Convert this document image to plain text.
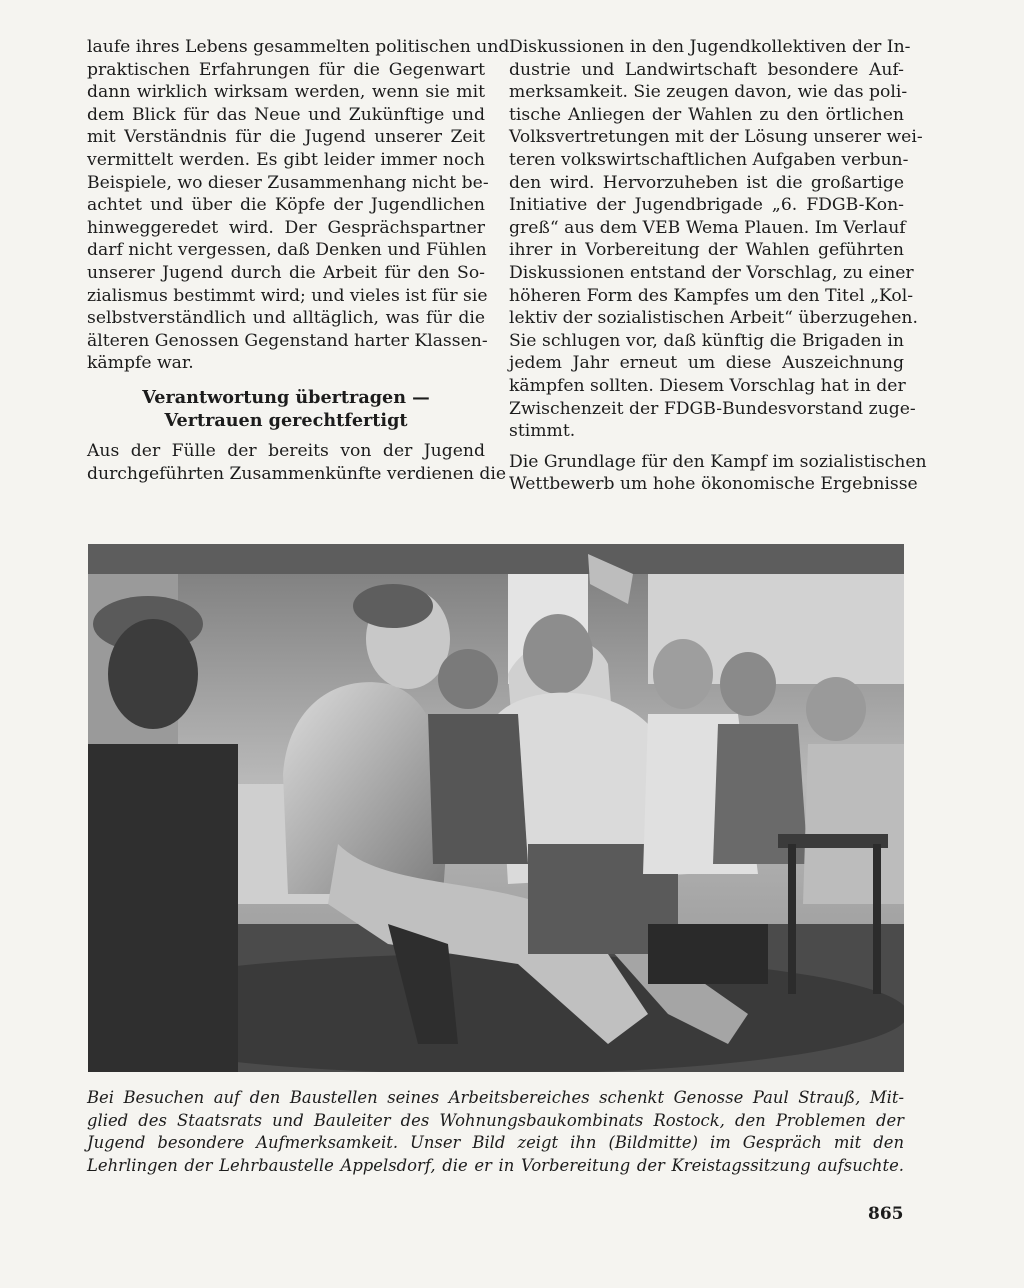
laufe ihres Lebens gesammelten politischen und
praktischen Erfahrungen für die Gegenwart
dann wirklich wirksam werden, wenn sie mit
dem Blick für das Neue und Zukünftige und
mit Verständnis für die Jugend unserer Zeit
vermittelt werden. Es gibt leider immer noch
Beispiele, wo dieser Zusammenhang nicht be-
achtet und über die Köpfe der Jugendlichen
hinweggeredet wird. Der Gesprächspartner
darf nicht vergessen, daß Denken und Fühlen
unserer Jugend durch die Arbeit für den So-
zialismus bestimmt wird; und vieles ist für sie
selbstverständlich und alltäglich, was für die
älteren Genossen Gegenstand harter Klassen-
kämpfe war.
Verantwortung übertragen —
Vertrauen gerechtfertigt
Aus der Fülle der bereits von der Jugend
durchgeführten Zusammenkünfte verdienen die
Diskussionen in den Jugendkollektiven der In-
dustrie und Landwirtschaft besondere Auf-
merksamkeit. Sie zeugen davon, wie das poli-
tische Anliegen der Wahlen zu den örtlichen
Volksvertretungen mit der Lösung unserer wei-
teren volkswirtschaftlichen Aufgaben verbun-
den wird. Hervorzuheben ist die großartige
Initiative der Jugendbrigade „6. FDGB-Kon-
greß“ aus dem VEB Wema Plauen. Im Verlauf
ihrer in Vorbereitung der Wahlen geführten
Diskussionen entstand der Vorschlag, zu einer
höheren Form des Kampfes um den Titel „Kol-
lektiv der sozialistischen Arbeit“ überzugehen.
Sie schlugen vor, daß künftig die Brigaden in
jedem Jahr erneut um diese Auszeichnung
kämpfen sollten. Diesem Vorschlag hat in der
Zwischenzeit der FDGB-Bundesvorstand zuge-
stimmt.
Die Grundlage für den Kampf im sozialistischen
Wettbewerb um hohe ökonomische Ergebnisse
Bei Besuchen auf den Baustellen seines Arbeitsbereiches schenkt Genosse Paul Strauß, Mit-
glied des Staatsrats und Bauleiter des Wohnungsbaukombinats Rostock, den Problemen der
Jugend besondere Aufmerksamkeit. Unser Bild zeigt ihn (Bildmitte) im Gespräch mit den
Lehrlingen der Lehrbaustelle Appelsdorf, die er in Vorbereitung der Kreistagssitzung aufsuchte.
865
